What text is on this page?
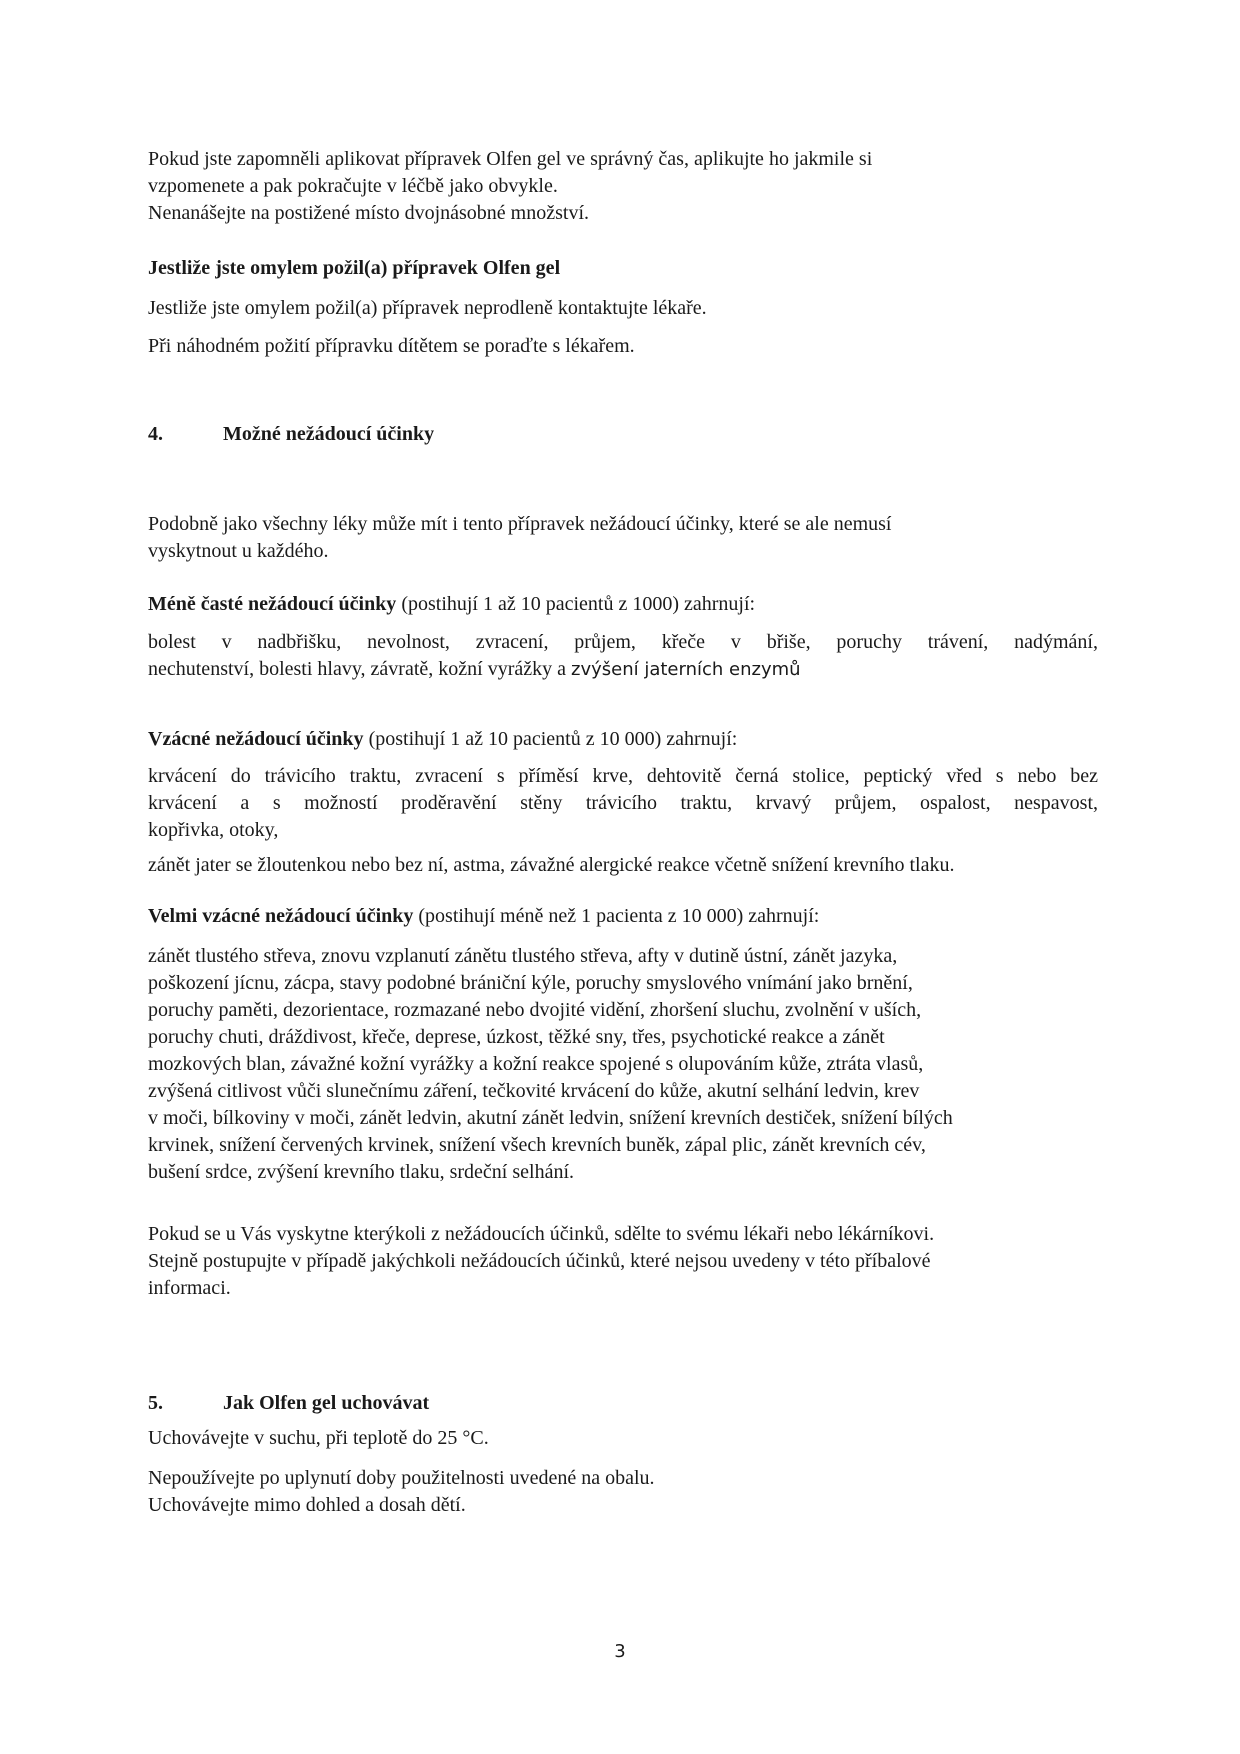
Pokud jste zapomněli aplikovat přípravek Olfen gel ve správný čas, aplikujte ho jakmile si
vzpomenete a pak pokračujte v léčbě jako obvykle.
Nenanášejte na postižené místo dvojnásobné množství.
Jestliže jste omylem požil(a) přípravek Olfen gel
Jestliže jste omylem požil(a) přípravek neprodleně kontaktujte lékaře.
Při náhodném požití přípravku dítětem se poraďte s lékařem.
4.	Možné nežádoucí účinky
Podobně jako všechny léky může mít i tento přípravek nežádoucí účinky, které se ale nemusí
vyskytnout u každého.
Méně časté nežádoucí účinky (postihují 1 až 10 pacientů z 1000) zahrnují:
bolest v nadbřišku, nevolnost, zvracení, průjem, křeče v břiše, poruchy trávení, nadýmání,
nechutenství, bolesti hlavy, závratě, kožní vyrážky a zvýšení jaterních enzymů
Vzácné nežádoucí účinky (postihují 1 až 10 pacientů z 10 000) zahrnují:
krvácení do trávicího traktu, zvracení s příměsí krve, dehtovitě černá stolice, peptický vřed s nebo bez
krvácení a s možností proděravění stěny trávicího traktu, krvavý průjem, ospalost, nespavost,
kopřivka, otoky,
zánět jater se žloutenkou nebo bez ní, astma, závažné alergické reakce včetně snížení krevního tlaku.
Velmi vzácné nežádoucí účinky (postihují méně než 1 pacienta z 10 000) zahrnují:
zánět tlustého střeva, znovu vzplanutí zánětu tlustého střeva, afty v dutině ústní, zánět jazyka,
poškození jícnu, zácpa, stavy podobné brániční kýle, poruchy smyslového vnímání jako brnění,
poruchy paměti, dezorientace, rozmazané nebo dvojité vidění, zhoršení sluchu, zvolnění v uších,
poruchy chuti, dráždivost, křeče, deprese, úzkost, těžké sny, třes, psychotické reakce a zánět
mozkových blan, závažné kožní vyrážky a kožní reakce spojené s olupováním kůže, ztráta vlasů,
zvýšená citlivost vůči slunečnímu záření, tečkovité krvácení do kůže, akutní selhání ledvin, krev
v moči, bílkoviny v moči, zánět ledvin, akutní zánět ledvin, snížení krevních destiček, snížení bílých
krvinek, snížení červených krvinek, snížení všech krevních buněk, zápal plic, zánět krevních cév,
bušení srdce, zvýšení krevního tlaku, srdeční selhání.
Pokud se u Vás vyskytne kterýkoli z nežádoucích účinků, sdělte to svému lékaři nebo lékárníkovi.
Stejně postupujte v případě jakýchkoli nežádoucích účinků, které nejsou uvedeny v této příbalové
informaci.
5.	Jak Olfen gel uchovávat
Uchovávejte v suchu, při teplotě do 25 °C.
Nepoužívejte po uplynutí doby použitelnosti uvedené na obalu.
Uchovávejte mimo dohled a dosah dětí.
3
